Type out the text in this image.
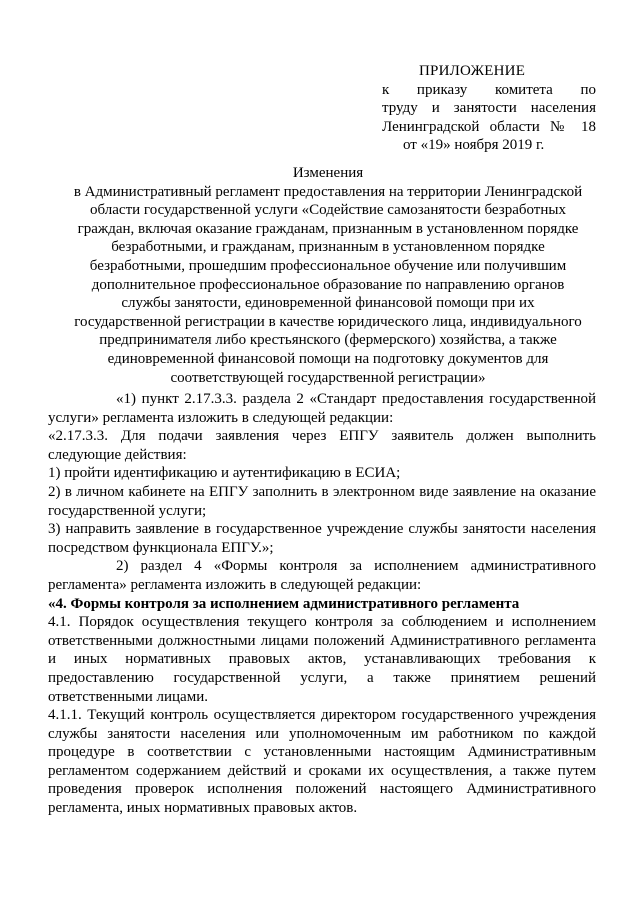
ПРИЛОЖЕНИЕ
к приказу комитета по
труду и занятости населения
Ленинградской области № 18
от «19» ноября 2019 г.
Изменения
в Административный регламент предоставления на территории Ленинградской области государственной услуги «Содействие самозанятости безработных граждан, включая оказание гражданам, признанным в установленном порядке безработными, и гражданам, признанным в установленном порядке безработными, прошедшим профессиональное обучение или получившим дополнительное профессиональное образование по направлению органов службы занятости, единовременной финансовой помощи при их государственной регистрации в качестве юридического лица, индивидуального предпринимателя либо крестьянского (фермерского) хозяйства, а также единовременной финансовой помощи на подготовку документов для соответствующей государственной регистрации»

«1) пункт 2.17.3.3. раздела 2 «Стандарт предоставления государственной услуги» регламента изложить в следующей редакции:

«2.17.3.3. Для подачи заявления через ЕПГУ заявитель должен выполнить следующие действия:

1) пройти идентификацию и аутентификацию в ЕСИА;

2) в личном кабинете на ЕПГУ заполнить в электронном виде заявление на оказание государственной услуги;

3) направить заявление в государственное учреждение службы занятости населения посредством функционала ЕПГУ.»;

2) раздел 4 «Формы контроля за исполнением административного регламента» регламента изложить в следующей редакции:

«4. Формы контроля за исполнением административного регламента

4.1. Порядок осуществления текущего контроля за соблюдением и исполнением ответственными должностными лицами положений Административного регламента и иных нормативных правовых актов, устанавливающих требования к предоставлению государственной услуги, а также принятием решений ответственными лицами.

4.1.1. Текущий контроль осуществляется директором государственного учреждения службы занятости населения или уполномоченным им работником по каждой процедуре в соответствии с установленными настоящим Административным регламентом содержанием действий и сроками их осуществления, а также путем проведения проверок исполнения положений настоящего Административного регламента, иных нормативных правовых актов.
